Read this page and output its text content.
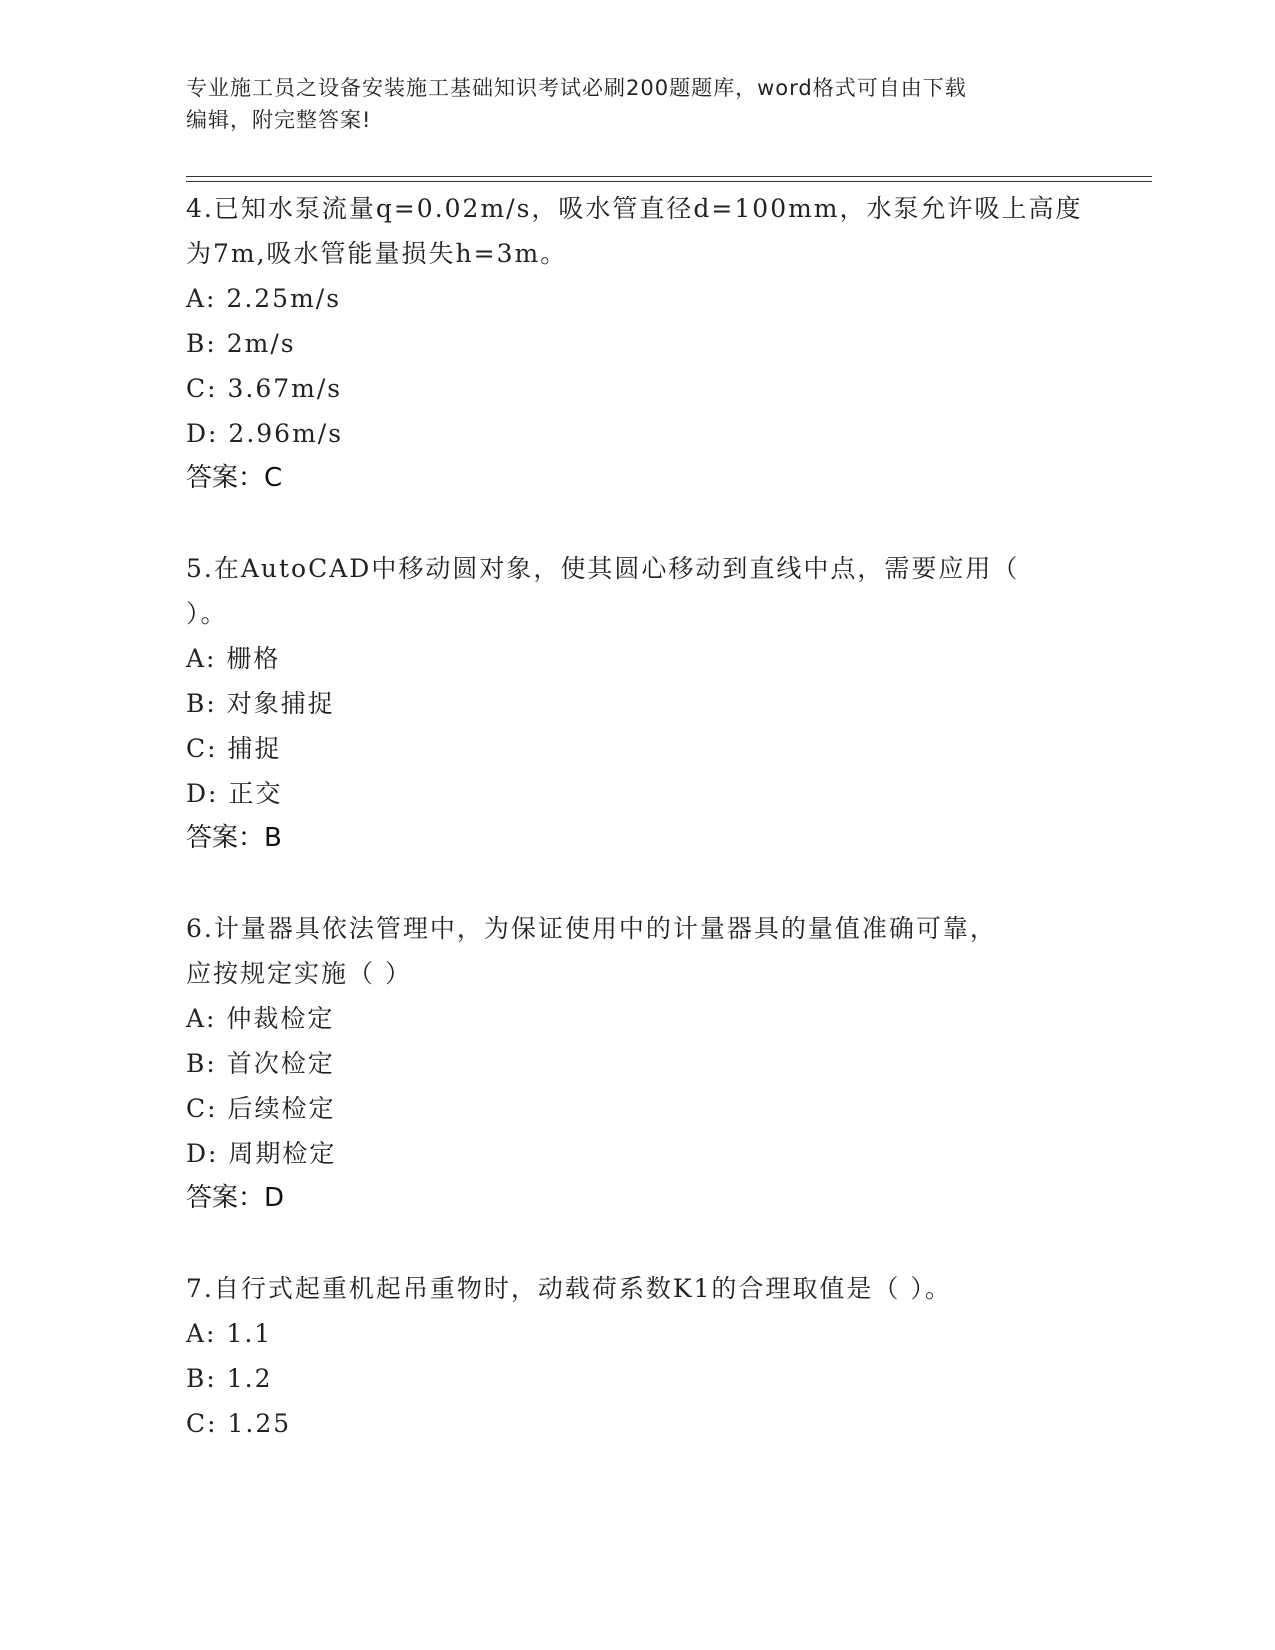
专业施工员之设备安装施工基础知识考试必刷200题题库，word格式可自由下载
编辑，附完整答案!
4.已知水泵流量q=0.02m/s，吸水管直径d=100mm，水泵允许吸上高度
为7m,吸水管能量损失h=3m。
A: 2.25m/s
B: 2m/s
C: 3.67m/s
D: 2.96m/s
答案：C
5.在AutoCAD中移动圆对象，使其圆心移动到直线中点，需要应用（
）。
A: 栅格
B: 对象捕捉
C: 捕捉
D: 正交
答案：B
6.计量器具依法管理中，为保证使用中的计量器具的量值准确可靠，
应按规定实施（ ）
A: 仲裁检定
B: 首次检定
C: 后续检定
D: 周期检定
答案：D
7.自行式起重机起吊重物时，动载荷系数K1的合理取值是（ ）。
A: 1.1
B: 1.2
C: 1.25
